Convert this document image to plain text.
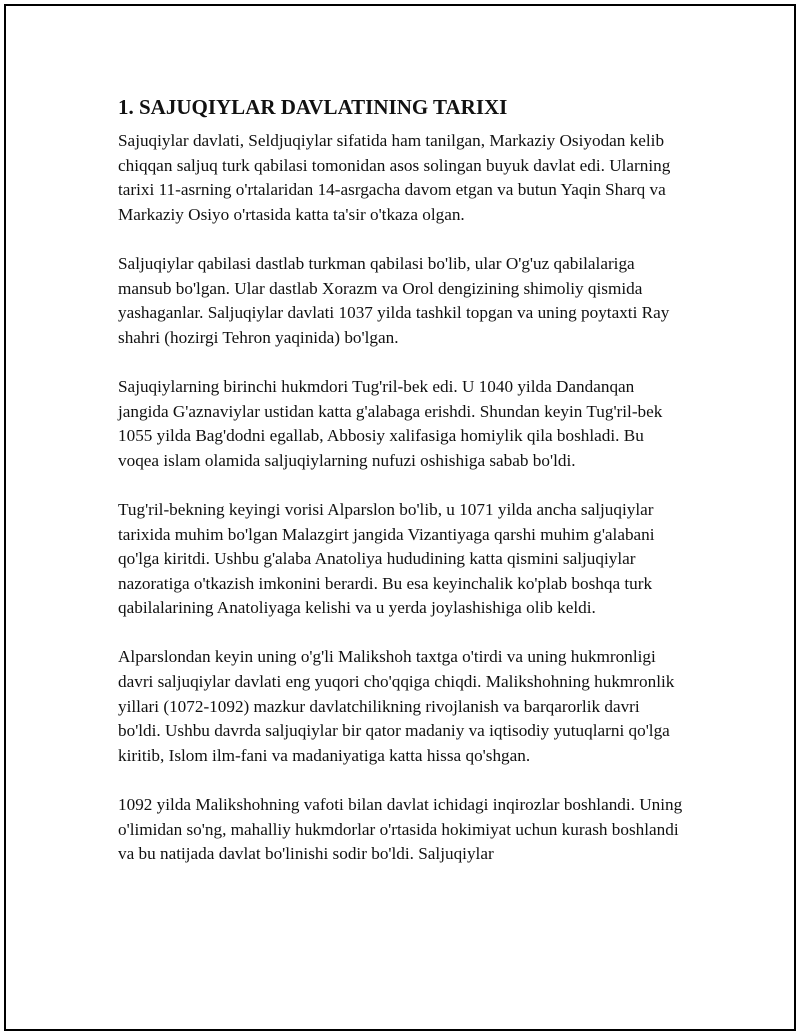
1. SAJUQIYLAR DAVLATINING TARIXI

Sajuqiylar davlati, Seldjuqiylar sifatida ham tanilgan, Markaziy Osiyodan kelib chiqqan saljuq turk qabilasi tomonidan asos solingan buyuk davlat edi. Ularning tarixi 11-asrning o'rtalaridan 14-asrgacha davom etgan va butun Yaqin Sharq va Markaziy Osiyo o'rtasida katta ta'sir o'tkaza olgan.

Saljuqiylar qabilasi dastlab turkman qabilasi bo'lib, ular O'g'uz qabilalariga mansub bo'lgan. Ular dastlab Xorazm va Orol dengizining shimoliy qismida yashaganlar. Saljuqiylar davlati 1037 yilda tashkil topgan va uning poytaxti Ray shahri (hozirgi Tehron yaqinida) bo'lgan.

Sajuqiylarning birinchi hukmdori Tug'ril-bek edi. U 1040 yilda Dandanqan jangida G'aznaviylar ustidan katta g'alabaga erishdi. Shundan keyin Tug'ril-bek 1055 yilda Bag'dodni egallab, Abbosiy xalifasiga homiylik qila boshladi. Bu voqea islam olamida saljuqiylarning nufuzi oshishiga sabab bo'ldi.

Tug'ril-bekning keyingi vorisi Alparslon bo'lib, u 1071 yilda ancha saljuqiylar tarixida muhim bo'lgan Malazgirt jangida Vizantiyaga qarshi muhim g'alabani qo'lga kiritdi. Ushbu g'alaba Anatoliya hududining katta qismini saljuqiylar nazoratiga o'tkazish imkonini berardi. Bu esa keyinchalik ko'plab boshqa turk qabilalarining Anatoliyaga kelishi va u yerda joylashishiga olib keldi.

Alparslondan keyin uning o'g'li Malikshoh taxtga o'tirdi va uning hukmronligi davri saljuqiylar davlati eng yuqori cho'qqiga chiqdi. Malikshohning hukmronlik yillari (1072-1092) mazkur davlatchilikning rivojlanish va barqarorlik davri bo'ldi. Ushbu davrda saljuqiylar bir qator madaniy va iqtisodiy yutuqlarni qo'lga kiritib, Islom ilm-fani va madaniyatiga katta hissa qo'shgan.

1092 yilda Malikshohning vafoti bilan davlat ichidagi inqirozlar boshlandi. Uning o'limidan so'ng, mahalliy hukmdorlar o'rtasida hokimiyat uchun kurash boshlandi va bu natijada davlat bo'linishi sodir bo'ldi. Saljuqiylar
